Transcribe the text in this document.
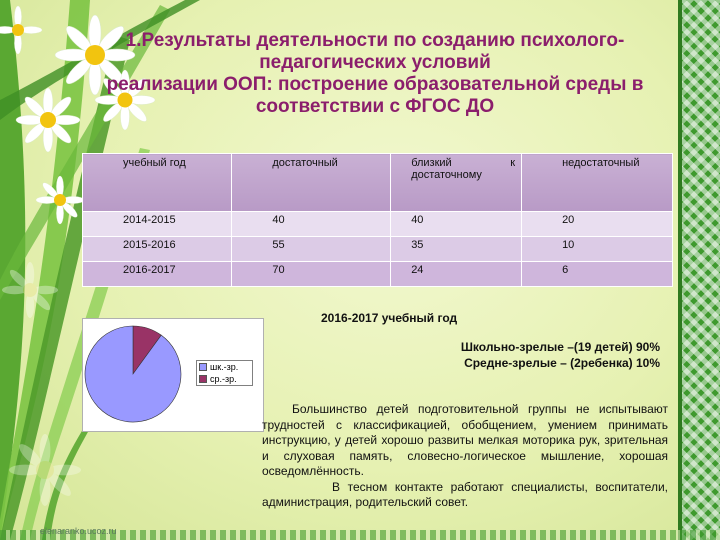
1.Результаты деятельности по созданию психолого-
педагогических условий
реализации ООП: построение образовательной среды в
соответствии с ФГОС ДО
учебный год	достаточный	близкий к
достаточному	недостаточный
2014-2015	40	40	20
2015-2016	55	35	10
2016-2017	70	24	6
шк.-зр.
ср.-зр.
2016-2017 учебный год
Школьно-зрелые –(19 детей) 90%
Средне-зрелые – (2ребенка) 10%

Большинство детей подготовительной группы не испытывают трудностей с классификацией, обобщением, умением принимать инструкцию, у детей хорошо развиты мелкая моторика рук, зрительная и слуховая память, словесно-логическое мышление, хорошая осведомлённость.

В тесном контакте работают специалисты, воспитатели, администрация, родительский совет.

elenaranko.ucoz.ru
